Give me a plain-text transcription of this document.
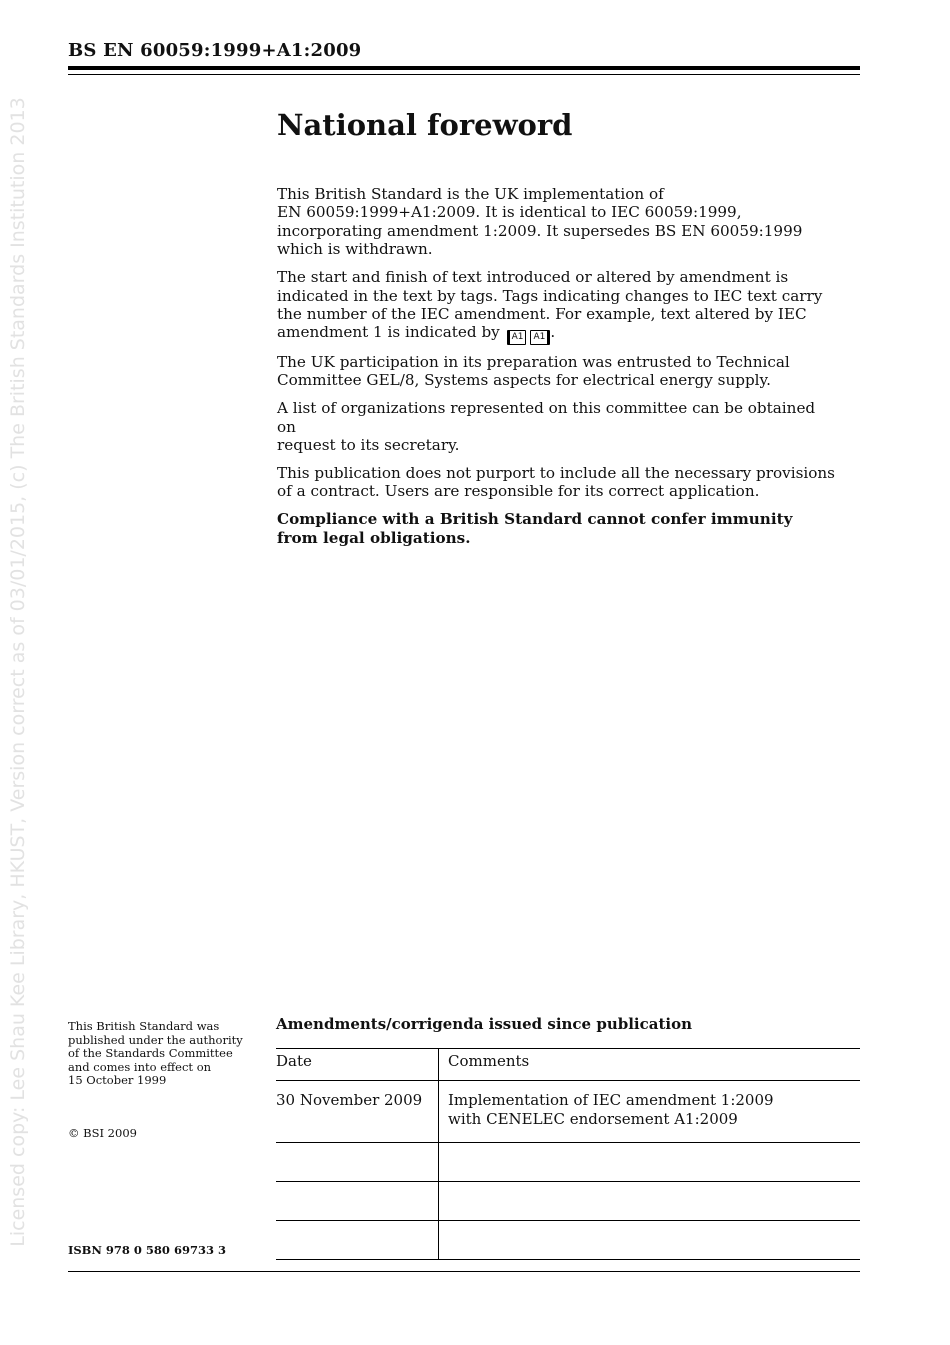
BS EN 60059:1999+A1:2009
Licensed copy: Lee Shau Kee Library, HKUST, Version correct as of 03/01/2015, (c) The British Standards Institution 2013	National foreword

This British Standard is the UK implementation of
EN 60059:1999+A1:2009. It is identical to IEC 60059:1999,
incorporating amendment 1:2009. It supersedes BS EN 60059:1999
which is withdrawn.

The start and finish of text introduced or altered by amendment is
indicated in the text by tags. Tags indicating changes to IEC text carry
the number of the IEC amendment. For example, text altered by IEC
amendment 1 is indicated by A1 A1 .

The UK participation in its preparation was entrusted to Technical
Committee GEL/8, Systems aspects for electrical energy supply.

A list of organizations represented on this committee can be obtained on
request to its secretary.

This publication does not purport to include all the necessary provisions
of a contract. Users are responsible for its correct application.

Compliance with a British Standard cannot confer immunity
from legal obligations.

This British Standard was
published under the authority
of the Standards Committee
and comes into effect on
15 October 1999
© BSI 2009
ISBN 978 0 580 69733 3
Amendments/corrigenda issued since publication
Date	Comments
30 November 2009	Implementation of IEC amendment 1:2009
with CENELEC endorsement A1:2009
